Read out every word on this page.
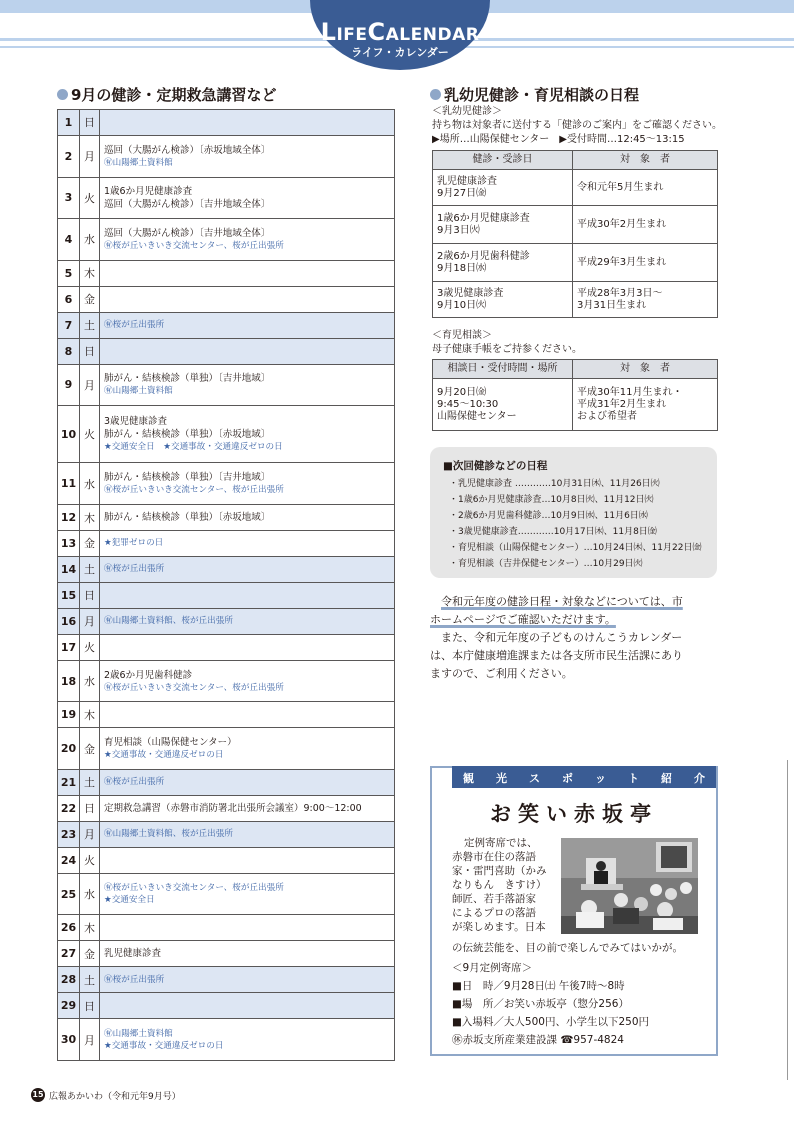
LIFECALENDAR
ライフ・カレンダー
9月の健診・定期救急講習など
1	日
2	月 巡回（大腸がん検診）〔赤坂地域全体〕
㊒山陽郷土資料館
3	火
1歳6か月児健康診査
巡回（大腸がん検診）〔吉井地域全体〕
4	水 巡回（大腸がん検診）〔吉井地域全体〕
㊒桜が丘いきいき交流センター、桜が丘出張所
5	木
6	金
7	土	㊒桜が丘出張所
8	日
9	月 肺がん・結核検診（単独）〔吉井地域〕
㊒山陽郷土資料館
10 火
3歳児健康診査
肺がん・結核検診（単独）〔赤坂地域〕
★交通安全日　★交通事故・交通違反ゼロの日
11 水 肺がん・結核検診（単独）〔吉井地域〕
㊒桜が丘いきいき交流センター、桜が丘出張所
12 木 肺がん・結核検診（単独）〔赤坂地域〕
13 金	★犯罪ゼロの日
14 土	㊒桜が丘出張所
15 日
16 月	㊒山陽郷土資料館、桜が丘出張所
17 火
18 水 2歳6か月児歯科健診
㊒桜が丘いきいき交流センター、桜が丘出張所
19 木
20 金 育児相談（山陽保健センター）
★交通事故・交通違反ゼロの日
21 土	㊒桜が丘出張所
22 日 定期救急講習（赤磐市消防署北出張所会議室）9:00～12:00
23 月	㊒山陽郷土資料館、桜が丘出張所
24 火
25 水	㊒桜が丘いきいき交流センター、桜が丘出張所
★交通安全日
26 木
27 金 乳児健康診査
28 土	㊒桜が丘出張所
29 日
30 月	㊒山陽郷土資料館
★交通事故・交通違反ゼロの日
乳幼児健診・育児相談の日程
＜乳幼児健診＞
持ち物は対象者に送付する「健診のご案内」をご確認ください。
▶場所…山陽保健センター　▶受付時間…12:45～13:15
健診・受診日	対　象　者

乳児健康診査
9月27日㈮	令和元年5月生まれ

1歳6か月児健康診査
9月3日㈫	平成30年2月生まれ

2歳6か月児歯科健診
9月18日㈬	平成29年3月生まれ

3歳児健康診査
9月10日㈫	平成28年3月3日～
3月31日生まれ
＜育児相談＞
母子健康手帳をご持参ください。
相談日・受付時間・場所	対　象　者

9月20日㈮
9:45～10:30
山陽保健センター	平成30年11月生まれ・
平成31年2月生まれ
および希望者
■次回健診などの日程
・乳児健康診査 …………10月31日㈭、11月26日㈫
・1歳6か月児健康診査…10月8日㈫、11月12日㈫
・2歳6か月児歯科健診…10月9日㈬、11月6日㈬
・3歳児健康診査…………10月17日㈭、11月8日㈮
・育児相談（山陽保健センター）…10月24日㈭、11月22日㈮
・育児相談（吉井保健センター）…10月29日㈫
令和元年度の健診日程・対象などについては、市
ホームページでご確認いただけます。
また、令和元年度の子どものけんこうカレンダー
は、本庁健康増進課または各支所市民生活課にあり
ますので、ご利用ください。
観 光 ス ポ ッ ト 紹 介
お笑い赤坂亭
定例寄席では、
赤磐市在住の落語
家・雷門喜助（かみ
なりもん　きすけ）
師匠、若手落語家
によるプロの落語
が楽しめます。日本
の伝統芸能を、目の前で楽しんでみてはいかが。
＜9月定例寄席＞
■日　時／9月28日㈯ 午後7時～8時
■場　所／お笑い赤坂亭（惣分256）
■入場料／大人500円、小学生以下250円
㊡赤坂支所産業建設課 ☎957-4824
15 広報あかいわ（令和元年9月号）
